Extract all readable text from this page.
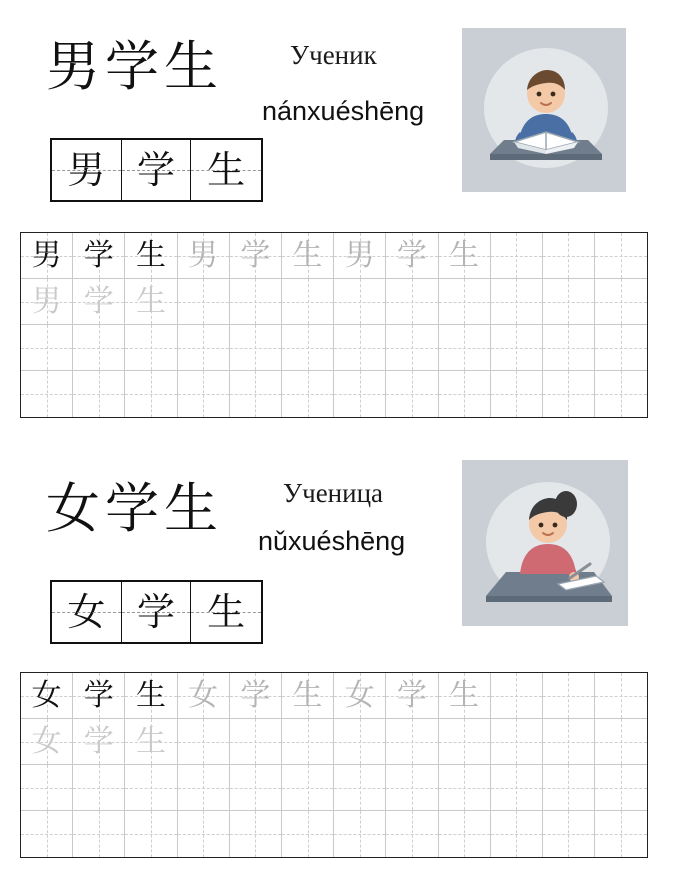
男学生 Ученик
nánxuéshēng
男 学 生
男 学 生 男 学 生 男 学 生
男 学 生
女学生 Ученица
nǔxuéshēng
女 学 生
女 学 生 女 学 生 女 学 生
女 学 生
